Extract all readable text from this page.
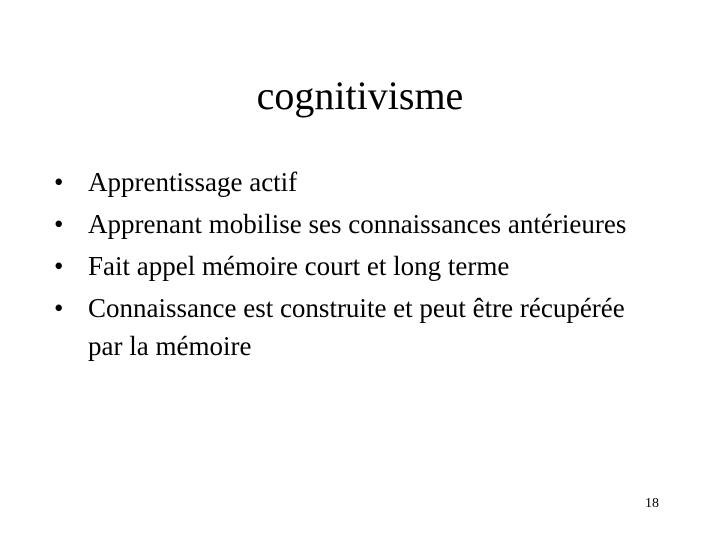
cognitivisme
• Apprentissage actif
• Apprenant mobilise ses connaissances antérieures
• Fait appel mémoire court et long terme
• Connaissance est construite et peut être récupérée par la mémoire
18
